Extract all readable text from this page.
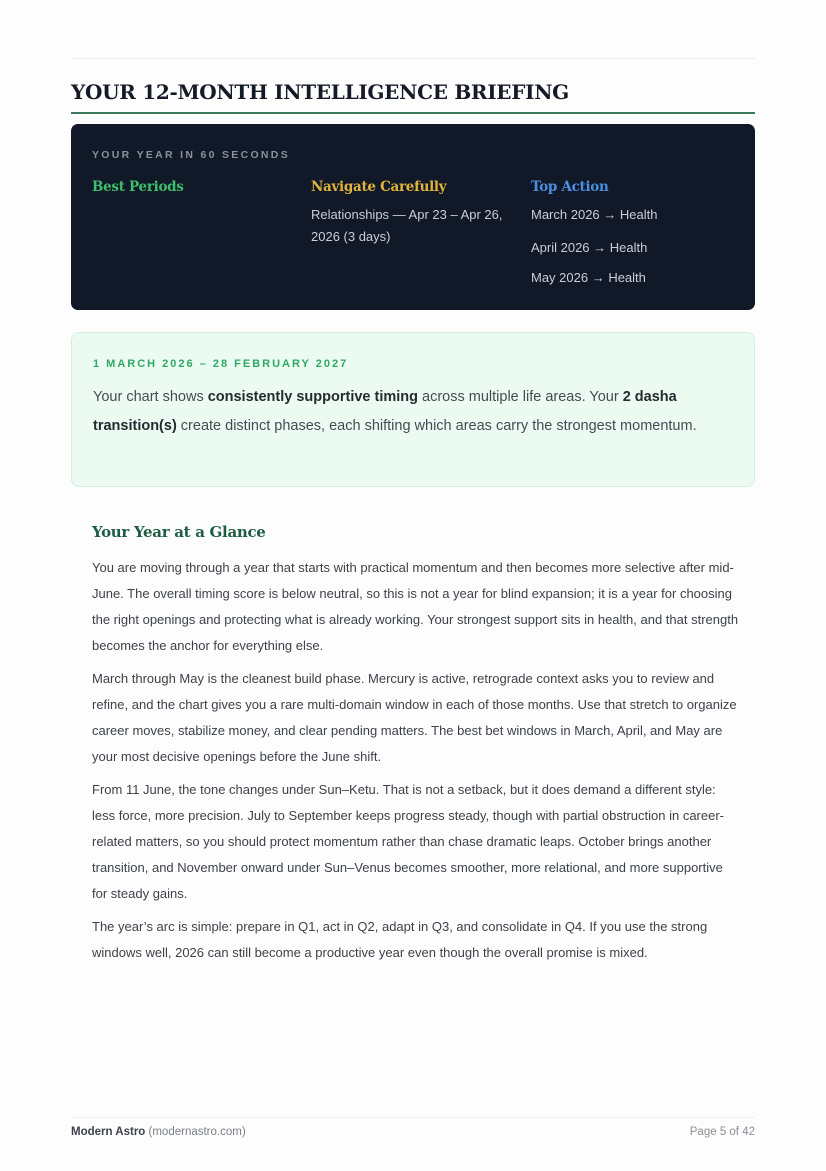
YOUR 12-MONTH INTELLIGENCE BRIEFING
YOUR YEAR IN 60 SECONDS
Best Periods	Navigate Carefully
Relationships — Apr 23 – Apr 26, 2026 (3 days)
Top Action
March 2026 → Health
April 2026 → Health
May 2026 → Health
1 MARCH 2026 – 28 FEBRUARY 2027

Your chart shows consistently supportive timing across multiple life areas. Your 2 dasha transition(s) create distinct phases, each shifting which areas carry the strongest momentum.

Your Year at a Glance

You are moving through a year that starts with practical momentum and then becomes more selective after mid-June. The overall timing score is below neutral, so this is not a year for blind expansion; it is a year for choosing the right openings and protecting what is already working. Your strongest support sits in health, and that strength becomes the anchor for everything else.

March through May is the cleanest build phase. Mercury is active, retrograde context asks you to review and refine, and the chart gives you a rare multi-domain window in each of those months. Use that stretch to organize career moves, stabilize money, and clear pending matters. The best bet windows in March, April, and May are your most decisive openings before the June shift.

From 11 June, the tone changes under Sun–Ketu. That is not a setback, but it does demand a different style: less force, more precision. July to September keeps progress steady, though with partial obstruction in career-related matters, so you should protect momentum rather than chase dramatic leaps. October brings another transition, and November onward under Sun–Venus becomes smoother, more relational, and more supportive for steady gains.

The year’s arc is simple: prepare in Q1, act in Q2, adapt in Q3, and consolidate in Q4. If you use the strong windows well, 2026 can still become a productive year even though the overall promise is mixed.

Modern Astro (modernastro.com)	Page 5 of 42
